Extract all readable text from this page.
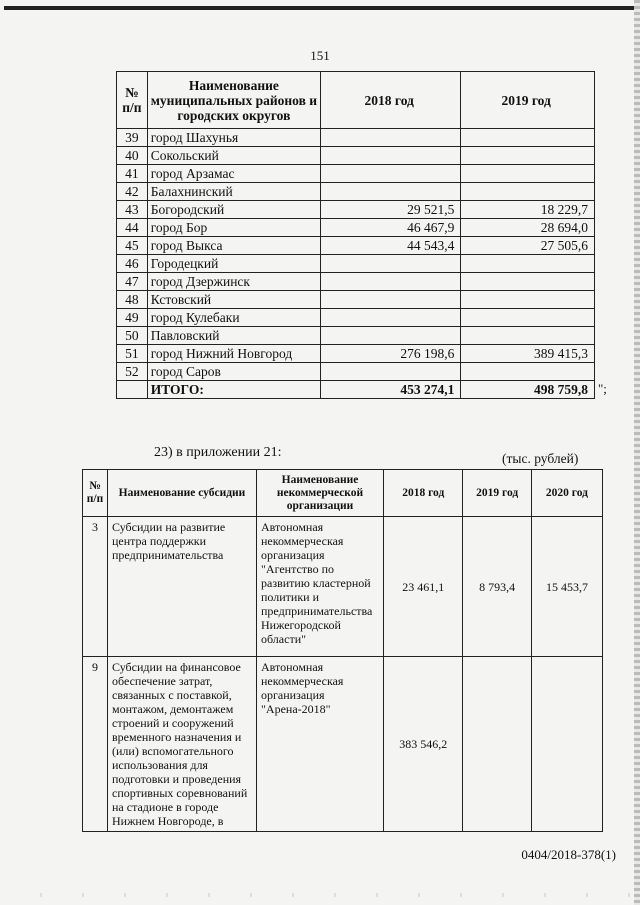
151
№ п/п	Наименование муниципальных районов и городских округов	2018 год	2019 год
39	город Шахунья		
40	Сокольский		
41	город Арзамас		
42	Балахнинский		
43	Богородский	29 521,5	18 229,7
44	город Бор	46 467,9	28 694,0
45	город Выкса	44 543,4	27 505,6
46	Городецкий		
47	город Дзержинск		
48	Кстовский		
49	город Кулебаки		
50	Павловский		
51	город Нижний Новгород	276 198,6	389 415,3
52	город Саров		
	ИТОГО:	453 274,1	498 759,8 ";
23) в приложении 21:	(тыс. рублей)
№ п/п	Наименование субсидии	Наименование некоммерческой организации	2018 год	2019 год	2020 год
3	Субсидии на развитие центра поддержки предпринимательства	Автономная некоммерческая организация "Агентство по развитию кластерной политики и предпринимательства Нижегородской области"	23 461,1	8 793,4	15 453,7
9	Субсидии на финансовое обеспечение затрат, связанных с поставкой, монтажом, демонтажем строений и сооружений временного назначения и (или) вспомогательного использования для подготовки и проведения спортивных соревнований на стадионе в городе Нижнем Новгороде, в	Автономная некоммерческая организация "Арена-2018"	383 546,2		
0404/2018-378(1)
